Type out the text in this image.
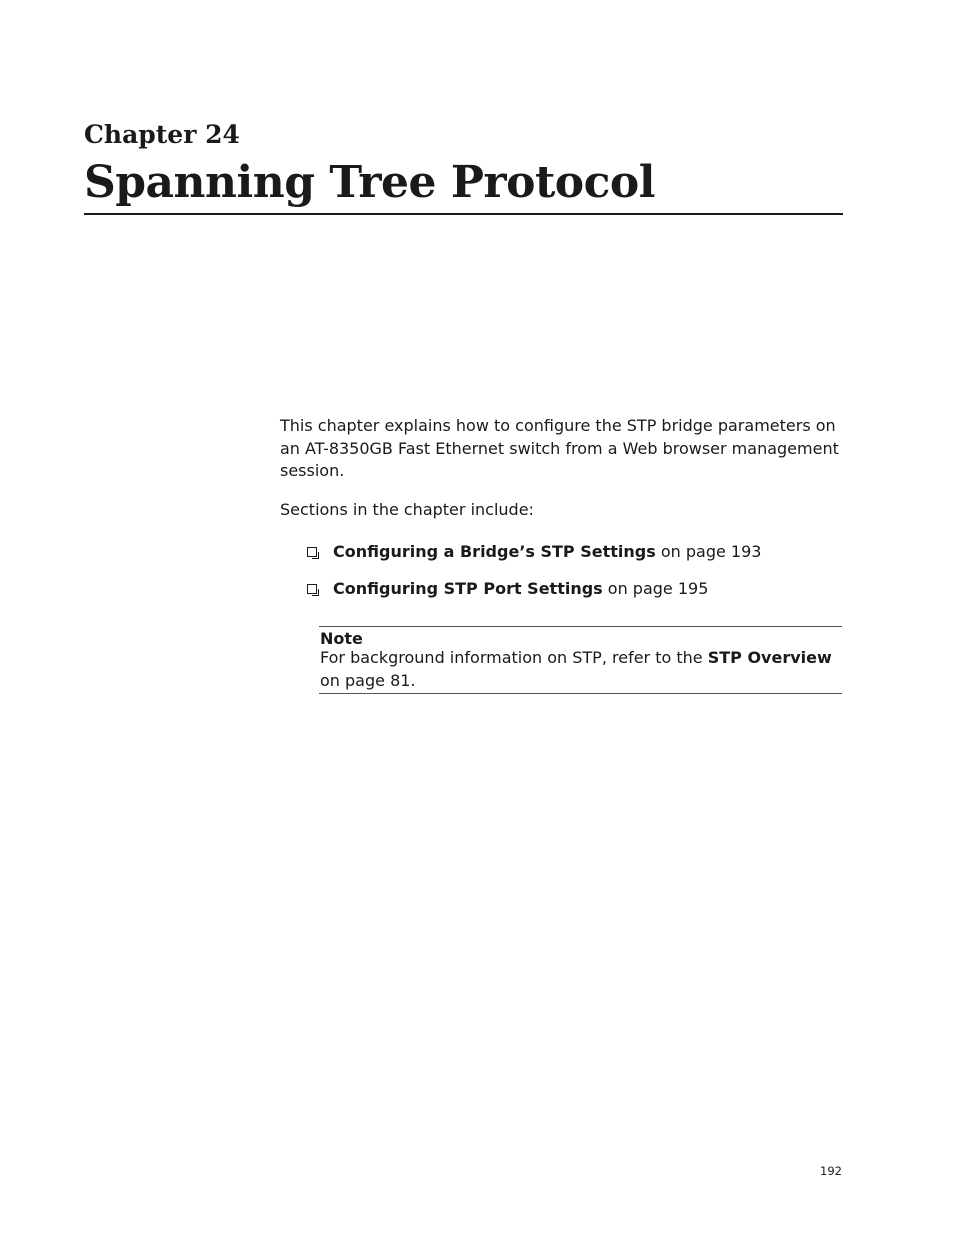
Chapter 24
Spanning Tree Protocol

This chapter explains how to configure the STP bridge parameters on an AT-8350GB Fast Ethernet switch from a Web browser management session.

Sections in the chapter include:

Configuring a Bridge’s STP Settings on page 193
Configuring STP Port Settings on page 195
Note
For background information on STP, refer to the STP Overview on page 81.
192
